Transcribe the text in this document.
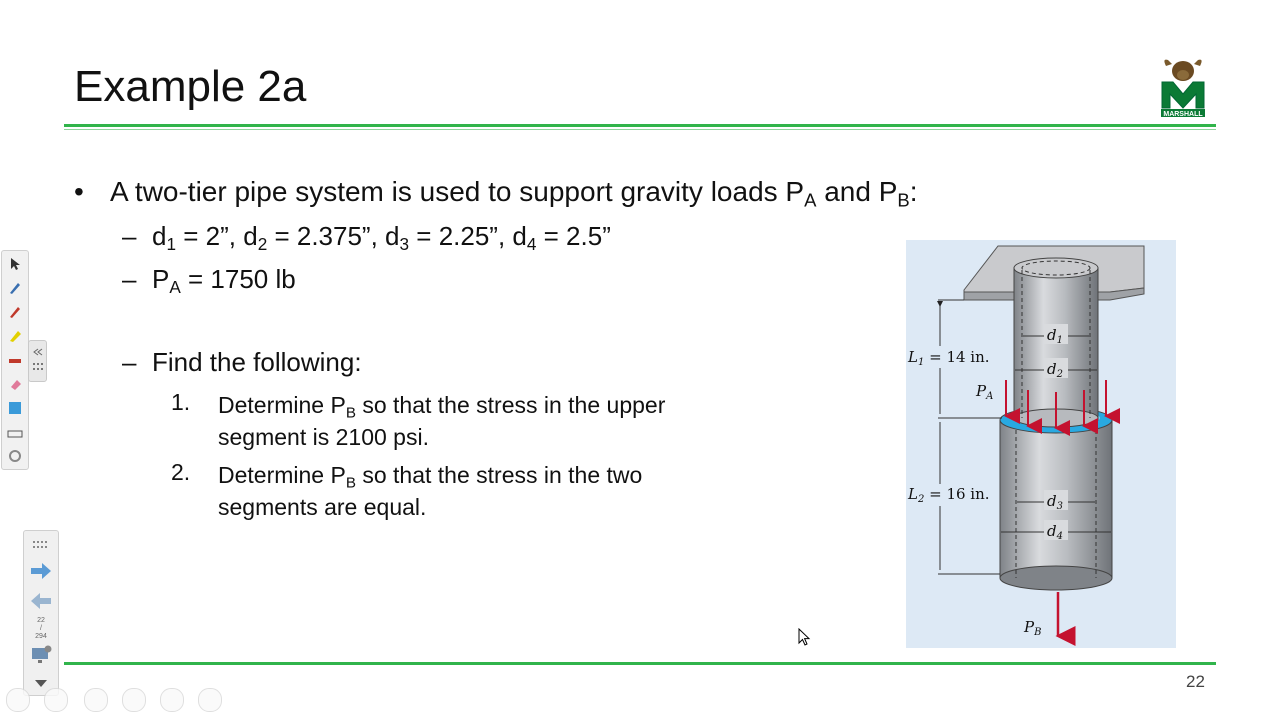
Example 2a	M
MARSHALL
• A two-tier pipe system is used to support gravity loads $P_A$ and $P_B$:
– $d_1 = 2$”, $d_2 = 2.375$”, $d_3 = 2.25$”, $d_4 = 2.5$”
– $P_A = 1750$ lb
– Find the following:
1. Determine $P_B$ so that the stress in the upper
segment is 2100 psi.
2. Determine $P_B$ so that the stress in the two
segments are equal.
$L_1 = 14$ in.
$L_2 = 16$ in.
$d_1$
$d_2$
$d_3$
$d_4$
$P_A$
$P_B$
22
22
/
294
